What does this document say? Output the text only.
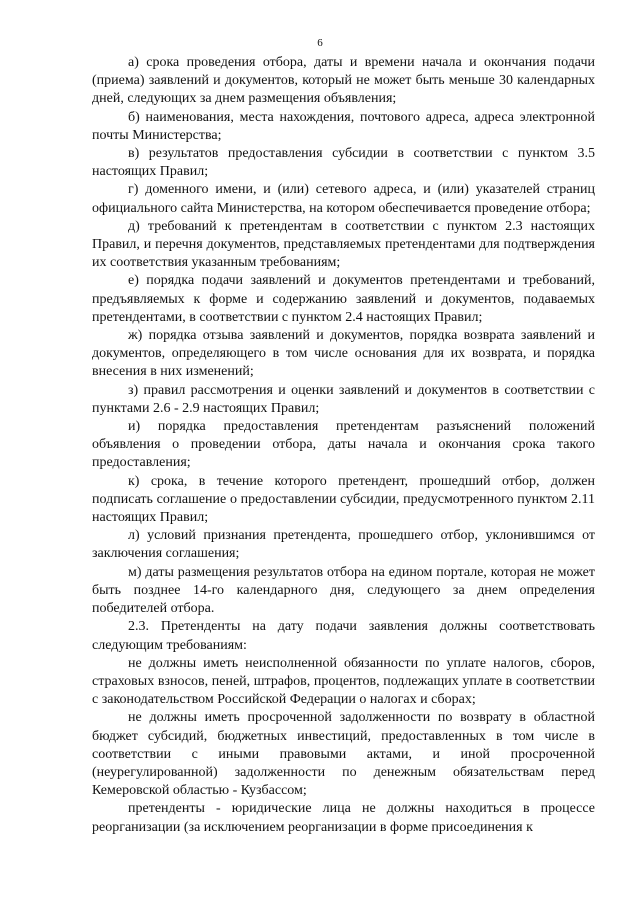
6

а) срока проведения отбора, даты и времени начала и окончания подачи (приема) заявлений и документов, который не может быть меньше 30 календарных дней, следующих за днем размещения объявления;

б) наименования, места нахождения, почтового адреса, адреса электронной почты Министерства;

в) результатов предоставления субсидии в соответствии с пунктом 3.5 настоящих Правил;

г) доменного имени, и (или) сетевого адреса, и (или) указателей страниц официального сайта Министерства, на котором обеспечивается проведение отбора;

д) требований к претендентам в соответствии с пунктом 2.3 настоящих Правил, и перечня документов, представляемых претендентами для подтверждения их соответствия указанным требованиям;

е) порядка подачи заявлений и документов претендентами и требований, предъявляемых к форме и содержанию заявлений и документов, подаваемых претендентами, в соответствии с пунктом 2.4 настоящих Правил;

ж) порядка отзыва заявлений и документов, порядка возврата заявлений и документов, определяющего в том числе основания для их возврата, и порядка внесения в них изменений;

з) правил рассмотрения и оценки заявлений и документов в соответствии с пунктами 2.6 - 2.9 настоящих Правил;

и) порядка предоставления претендентам разъяснений положений объявления о проведении отбора, даты начала и окончания срока такого предоставления;

к) срока, в течение которого претендент, прошедший отбор, должен подписать соглашение о предоставлении субсидии, предусмотренного пунктом 2.11 настоящих Правил;

л) условий признания претендента, прошедшего отбор, уклонившимся от заключения соглашения;

м) даты размещения результатов отбора на едином портале, которая не может быть позднее 14-го календарного дня, следующего за днем определения победителей отбора.

2.3. Претенденты на дату подачи заявления должны соответствовать следующим требованиям:

не должны иметь неисполненной обязанности по уплате налогов, сборов, страховых взносов, пеней, штрафов, процентов, подлежащих уплате в соответствии с законодательством Российской Федерации о налогах и сборах;

не должны иметь просроченной задолженности по возврату в областной бюджет субсидий, бюджетных инвестиций, предоставленных в том числе в соответствии с иными правовыми актами, и иной просроченной (неурегулированной) задолженности по денежным обязательствам перед Кемеровской областью - Кузбассом;

претенденты - юридические лица не должны находиться в процессе реорганизации (за исключением реорганизации в форме присоединения к
